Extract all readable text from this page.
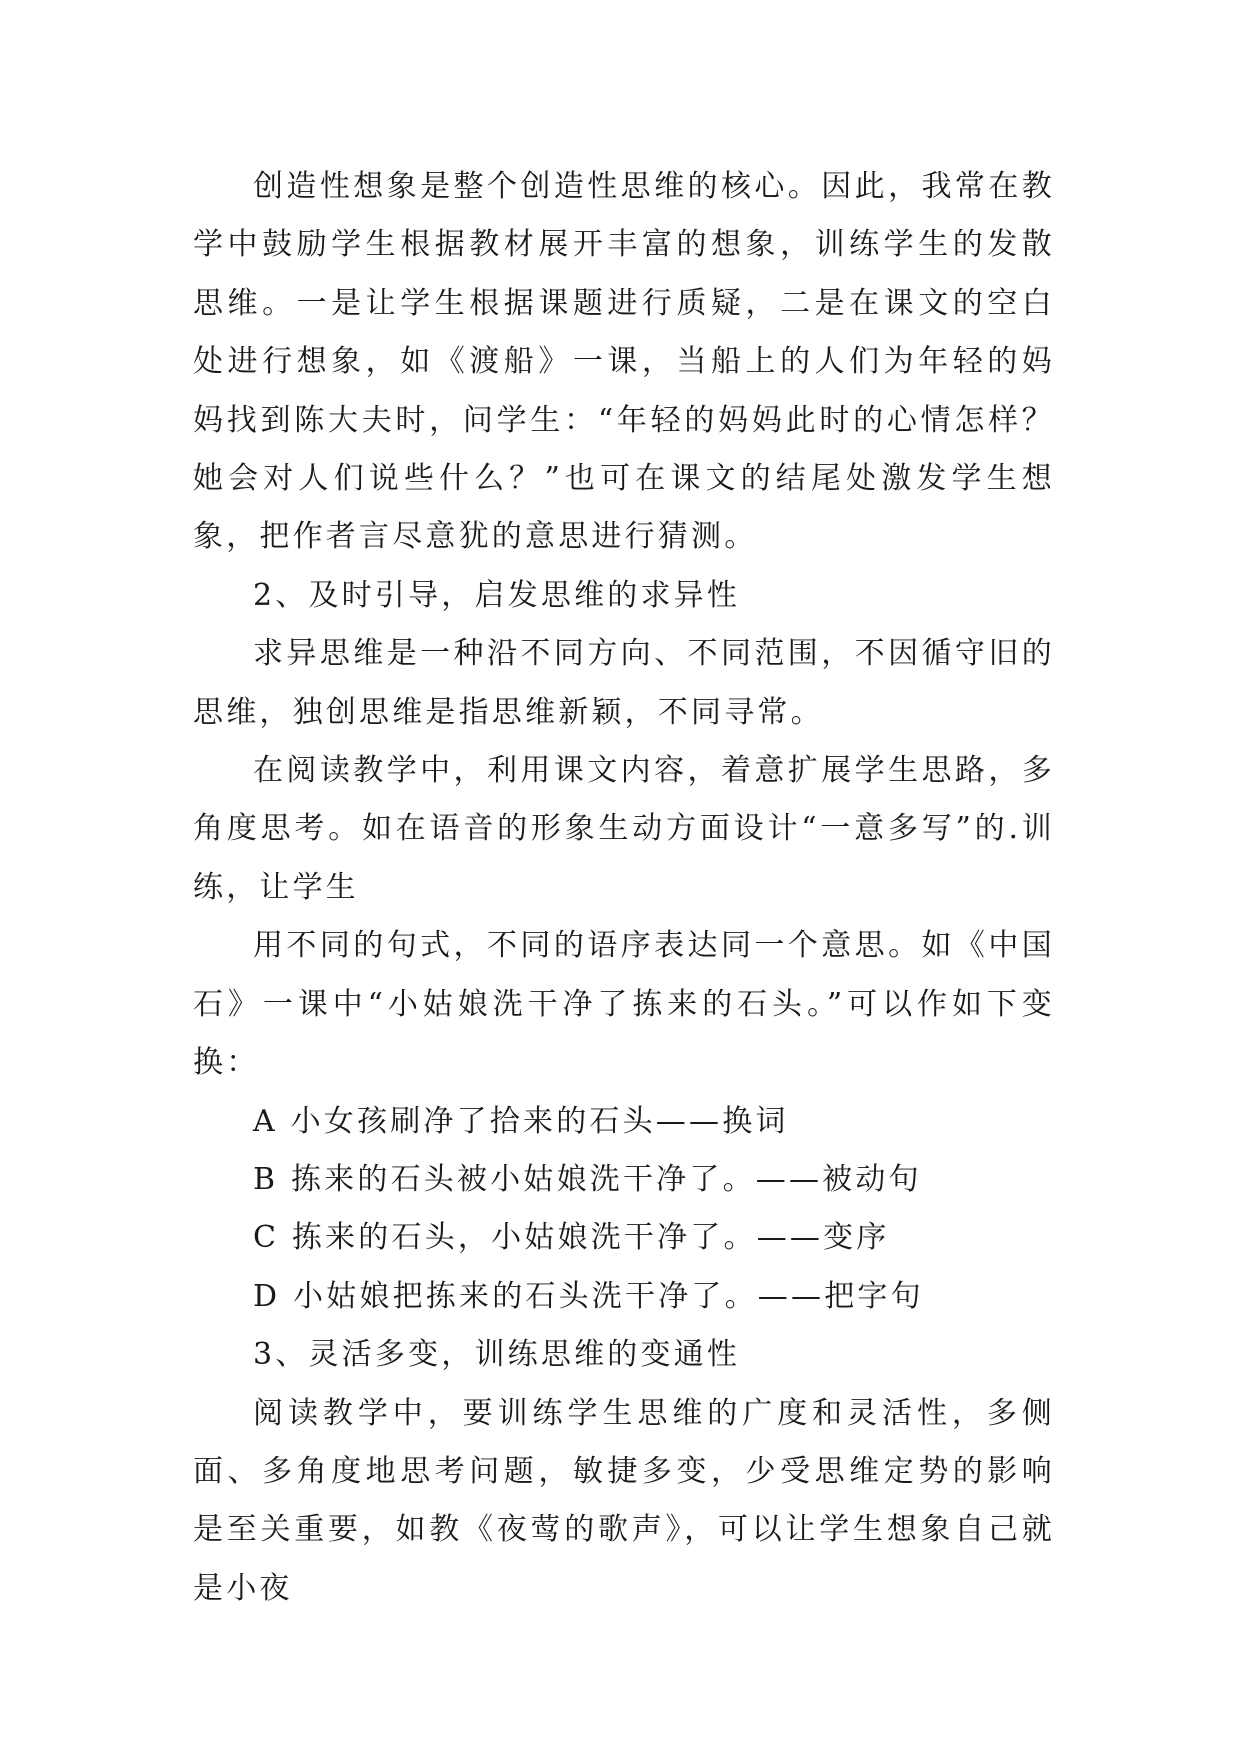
创造性想象是整个创造性思维的核心。因此，我常在教学中鼓励学生根据教材展开丰富的想象，训练学生的发散思维。一是让学生根据课题进行质疑，二是在课文的空白处进行想象，如《渡船》一课，当船上的人们为年轻的妈妈找到陈大夫时，问学生：“年轻的妈妈此时的心情怎样？她会对人们说些什么？”也可在课文的结尾处激发学生想象，把作者言尽意犹的意思进行猜测。

2、及时引导，启发思维的求异性

求异思维是一种沿不同方向、不同范围，不因循守旧的思维，独创思维是指思维新颖，不同寻常。

在阅读教学中，利用课文内容，着意扩展学生思路，多角度思考。如在语音的形象生动方面设计“一意多写”的.训练，让学生

用不同的句式，不同的语序表达同一个意思。如《中国石》一课中“小姑娘洗干净了拣来的石头。”可以作如下变换：

A 小女孩刷净了拾来的石头——换词

B 拣来的石头被小姑娘洗干净了。——被动句

C 拣来的石头，小姑娘洗干净了。——变序

D 小姑娘把拣来的石头洗干净了。——把字句

3、灵活多变，训练思维的变通性

阅读教学中，要训练学生思维的广度和灵活性，多侧面、多角度地思考问题，敏捷多变，少受思维定势的影响是至关重要，如教《夜莺的歌声》，可以让学生想象自己就是小夜
